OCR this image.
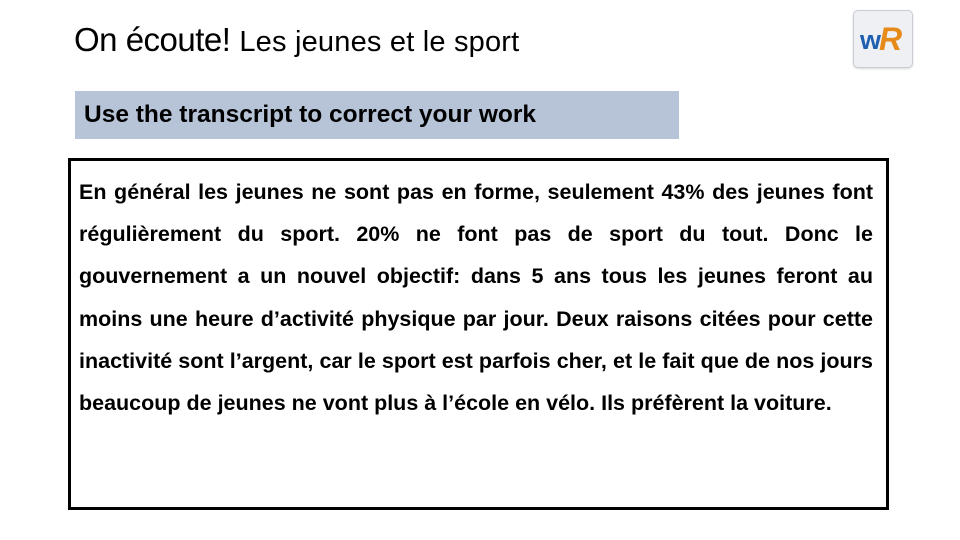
On écoute! Les jeunes et le sport	w
R
Use the transcript to correct your work

En général les jeunes ne sont pas en forme, seulement 43% des jeunes font régulièrement du sport. 20% ne font pas de sport du tout. Donc le gouvernement a un nouvel objectif: dans 5 ans tous les jeunes feront au moins une heure d’activité physique par jour. Deux raisons citées pour cette inactivité sont l’argent, car le sport est parfois cher, et le fait que de nos jours beaucoup de jeunes ne vont plus à l’école en vélo. Ils préfèrent la voiture.
